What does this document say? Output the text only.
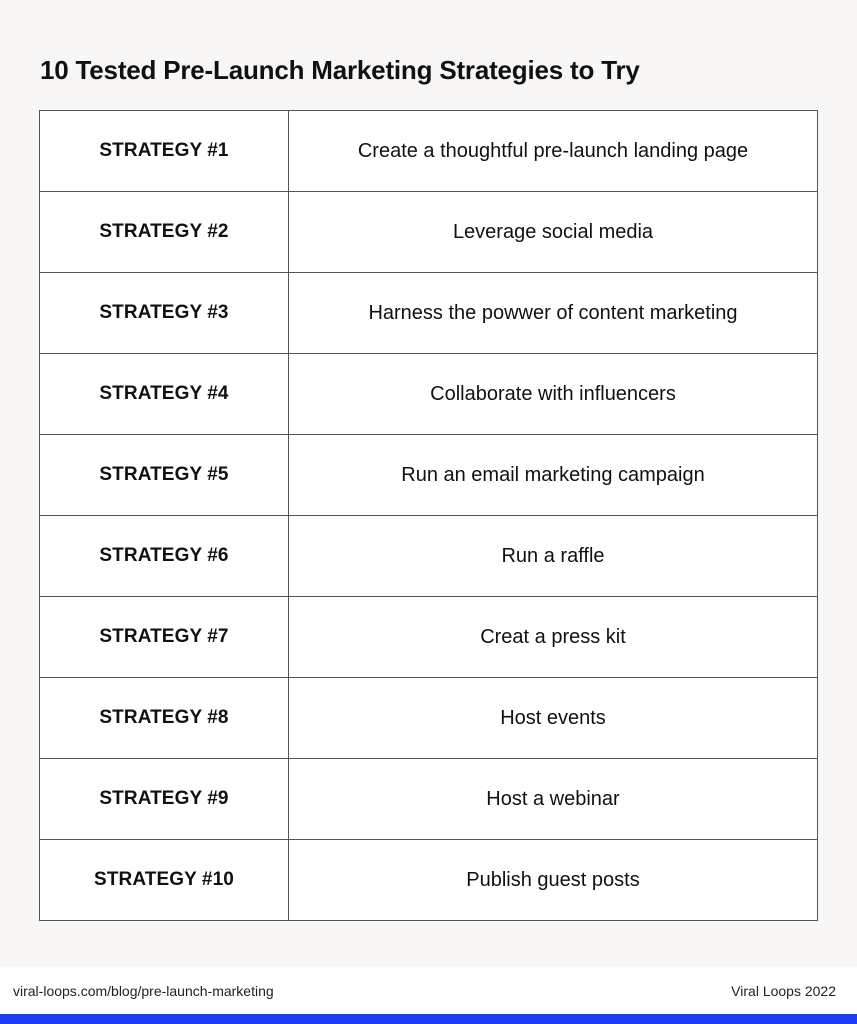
10 Tested Pre-Launch Marketing Strategies to Try
STRATEGY #1	Create a thoughtful pre-launch landing page
STRATEGY #2	Leverage social media
STRATEGY #3	Harness the powwer of content marketing
STRATEGY #4	Collaborate with influencers
STRATEGY #5	Run an email marketing campaign
STRATEGY #6	Run a raffle
STRATEGY #7	Creat a press kit
STRATEGY #8	Host events
STRATEGY #9	Host a webinar
STRATEGY #10	Publish guest posts
viral-loops.com/blog/pre-launch-marketing	Viral Loops 2022
